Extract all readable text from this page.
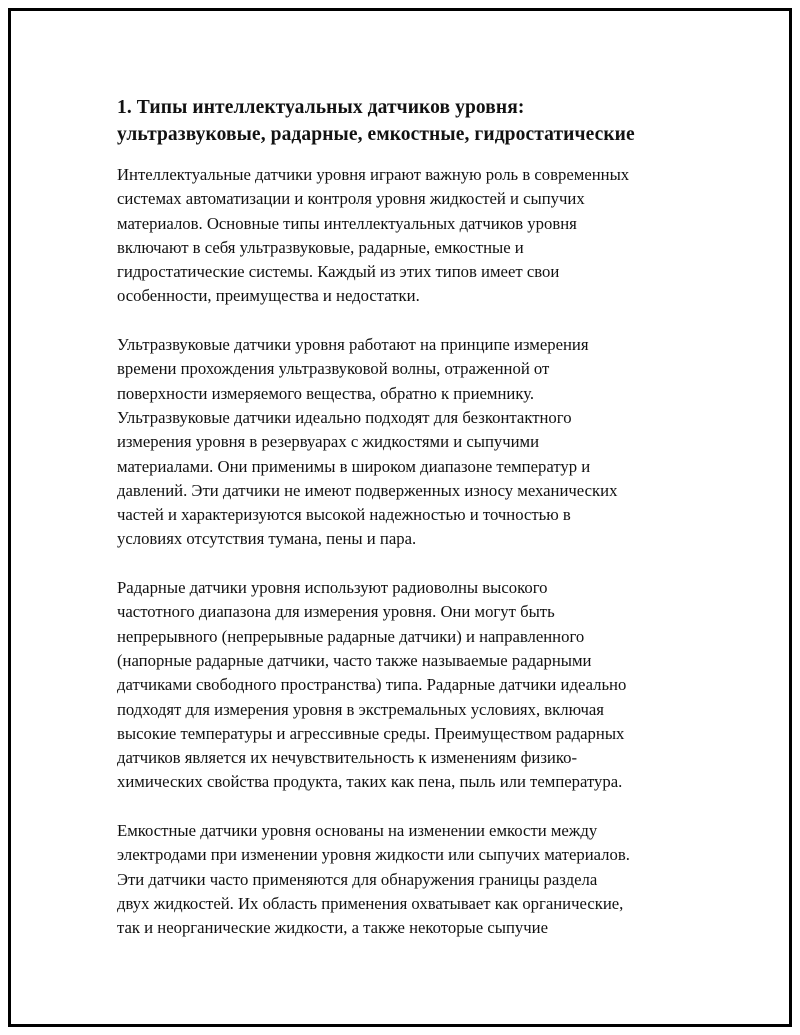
1. Типы интеллектуальных датчиков уровня:
ультразвуковые, радарные, емкостные, гидростатические

Интеллектуальные датчики уровня играют важную роль в современных
системах автоматизации и контроля уровня жидкостей и сыпучих
материалов. Основные типы интеллектуальных датчиков уровня
включают в себя ультразвуковые, радарные, емкостные и
гидростатические системы. Каждый из этих типов имеет свои
особенности, преимущества и недостатки.

Ультразвуковые датчики уровня работают на принципе измерения
времени прохождения ультразвуковой волны, отраженной от
поверхности измеряемого вещества, обратно к приемнику.
Ультразвуковые датчики идеально подходят для безконтактного
измерения уровня в резервуарах с жидкостями и сыпучими
материалами. Они применимы в широком диапазоне температур и
давлений. Эти датчики не имеют подверженных износу механических
частей и характеризуются высокой надежностью и точностью в
условиях отсутствия тумана, пены и пара.

Радарные датчики уровня используют радиоволны высокого
частотного диапазона для измерения уровня. Они могут быть
непрерывного (непрерывные радарные датчики) и направленного
(напорные радарные датчики, часто также называемые радарными
датчиками свободного пространства) типа. Радарные датчики идеально
подходят для измерения уровня в экстремальных условиях, включая
высокие температуры и агрессивные среды. Преимуществом радарных
датчиков является их нечувствительность к изменениям физико-
химических свойства продукта, таких как пена, пыль или температура.

Емкостные датчики уровня основаны на изменении емкости между
электродами при изменении уровня жидкости или сыпучих материалов.
Эти датчики часто применяются для обнаружения границы раздела
двух жидкостей. Их область применения охватывает как органические,
так и неорганические жидкости, а также некоторые сыпучие
